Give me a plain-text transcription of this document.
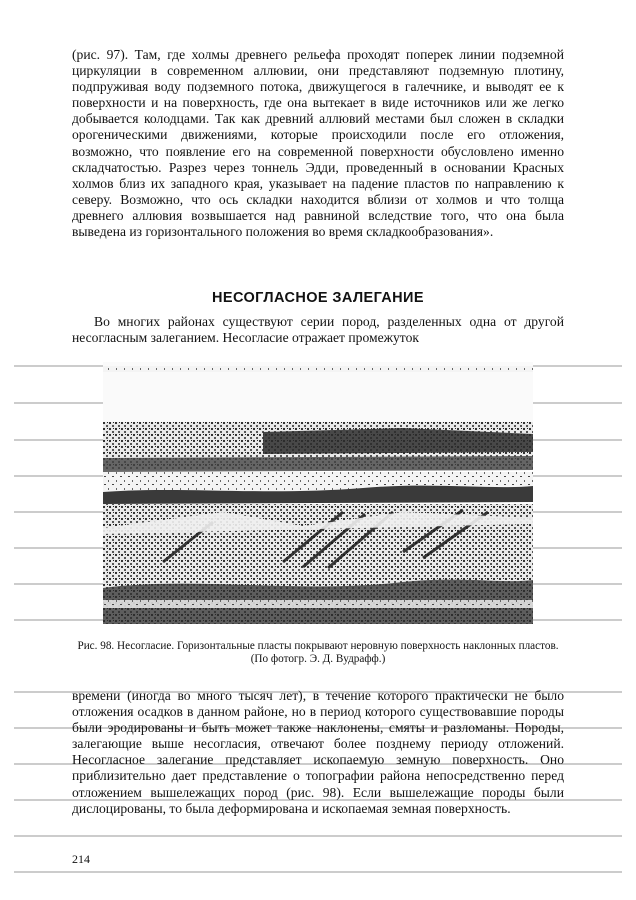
(рис. 97). Там, где холмы древнего рельефа проходят поперек линии подземной циркуляции в современном аллювии, они представляют подземную плотину, подпруживая воду подземного потока, движущегося в галечнике, и выводят ее к поверхности и на поверхность, где она вытекает в виде источников или же легко добывается колодцами. Так как древний аллювий местами был сложен в складки орогеническими движениями, которые происходили после его отложения, возможно, что появление его на современной поверхности обусловлено именно складчатостью. Разрез через тоннель Эдди, проведенный в основании Красных холмов близ их западного края, указывает на падение пластов по направлению к северу. Возможно, что ось складки находится вблизи от холмов и что толща древнего аллювия возвышается над равниной вследствие того, что она была выведена из горизонтального положения во время складкообразования».

НЕСОГЛАСНОЕ ЗАЛЕГАНИЕ

Во многих районах существуют серии пород, разделенных одна от другой несогласным залеганием. Несогласие отражает промежуток

Рис. 98. Несогласие. Горизонтальные пласты покрывают неровную поверхность наклонных пластов.
(По фотогр. Э. Д. Вудрафф.)

времени (иногда во много тысяч лет), в течение которого практически не было отложения осадков в данном районе, но в период которого существовавшие породы были эродированы и быть может также наклонены, смяты и разломаны. Породы, залегающие выше несогласия, отвечают более позднему периоду отложений. Несогласное залегание представляет ископаемую земную поверхность. Оно приблизительно дает представление о топографии района непосредственно перед отложением вышележащих пород (рис. 98). Если вышележащие породы были дислоцированы, то была деформирована и ископаемая земная поверхность.

214
